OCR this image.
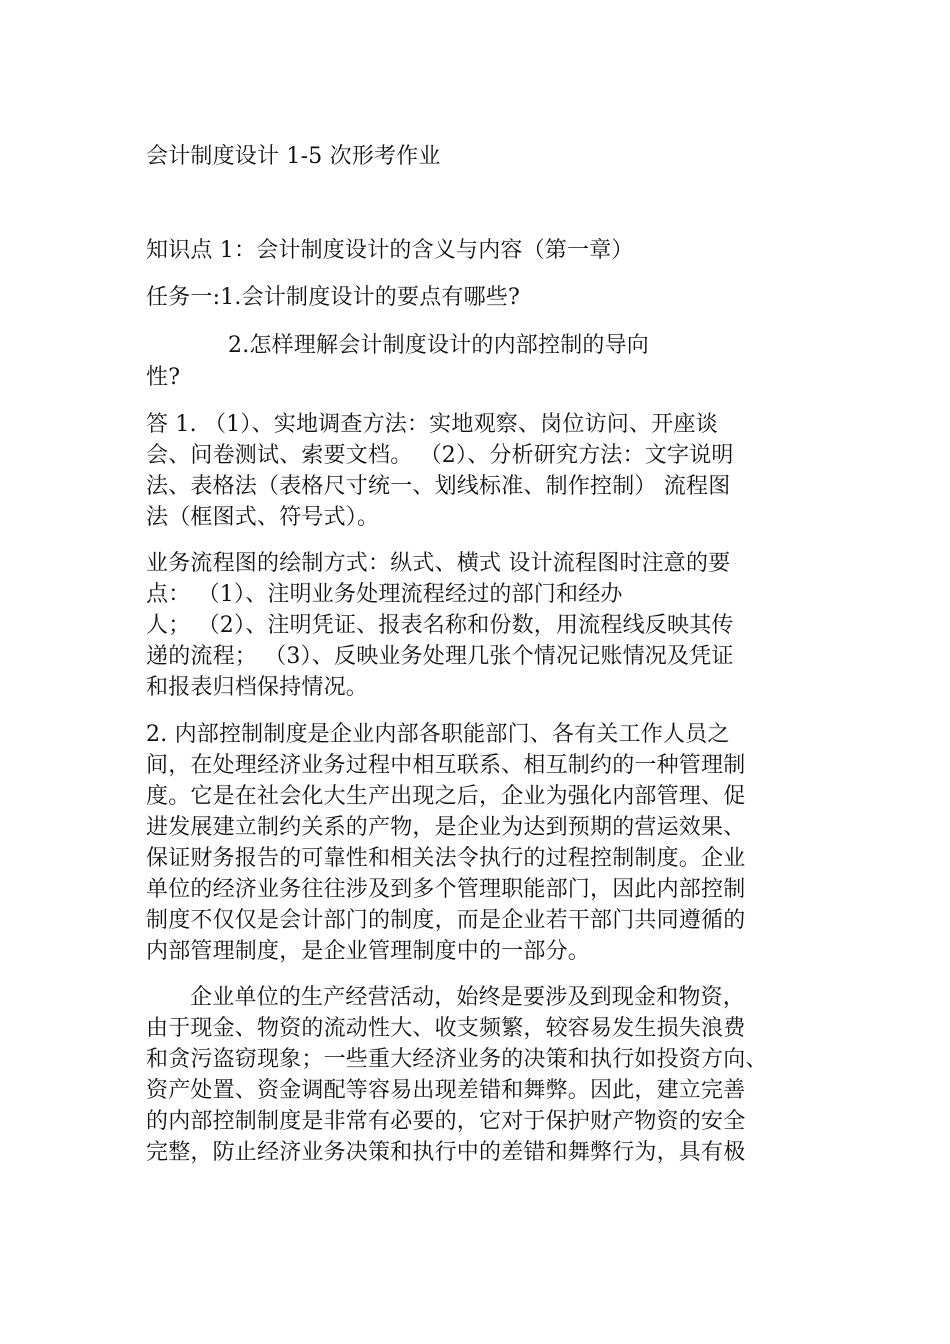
会计制度设计 1-5 次形考作业
知识点 1：会计制度设计的含义与内容（第一章）
任务一:1.会计制度设计的要点有哪些?
2.怎样理解会计制度设计的内部控制的导向
性?
答 1. （1）、实地调查方法：实地观察、岗位访问、开座谈
会、问卷测试、索要文档。 （2）、分析研究方法：文字说明
法、表格法（表格尺寸统一、划线标准、制作控制） 流程图
法（框图式、符号式）。
业务流程图的绘制方式：纵式、横式 设计流程图时注意的要
点： （1）、注明业务处理流程经过的部门和经办
人； （2）、注明凭证、报表名称和份数，用流程线反映其传
递的流程； （3）、反映业务处理几张个情况记账情况及凭证
和报表归档保持情况。
2. 内部控制制度是企业内部各职能部门、各有关工作人员之
间，在处理经济业务过程中相互联系、相互制约的一种管理制
度。它是在社会化大生产出现之后，企业为强化内部管理、促
进发展建立制约关系的产物，是企业为达到预期的营运效果、
保证财务报告的可靠性和相关法令执行的过程控制制度。企业
单位的经济业务往往涉及到多个管理职能部门，因此内部控制
制度不仅仅是会计部门的制度，而是企业若干部门共同遵循的
内部管理制度，是企业管理制度中的一部分。
企业单位的生产经营活动，始终是要涉及到现金和物资，
由于现金、物资的流动性大、收支频繁，较容易发生损失浪费
和贪污盗窃现象；一些重大经济业务的决策和执行如投资方向、
资产处置、资金调配等容易出现差错和舞弊。因此，建立完善
的内部控制制度是非常有必要的，它对于保护财产物资的安全
完整，防止经济业务决策和执行中的差错和舞弊行为，具有极
